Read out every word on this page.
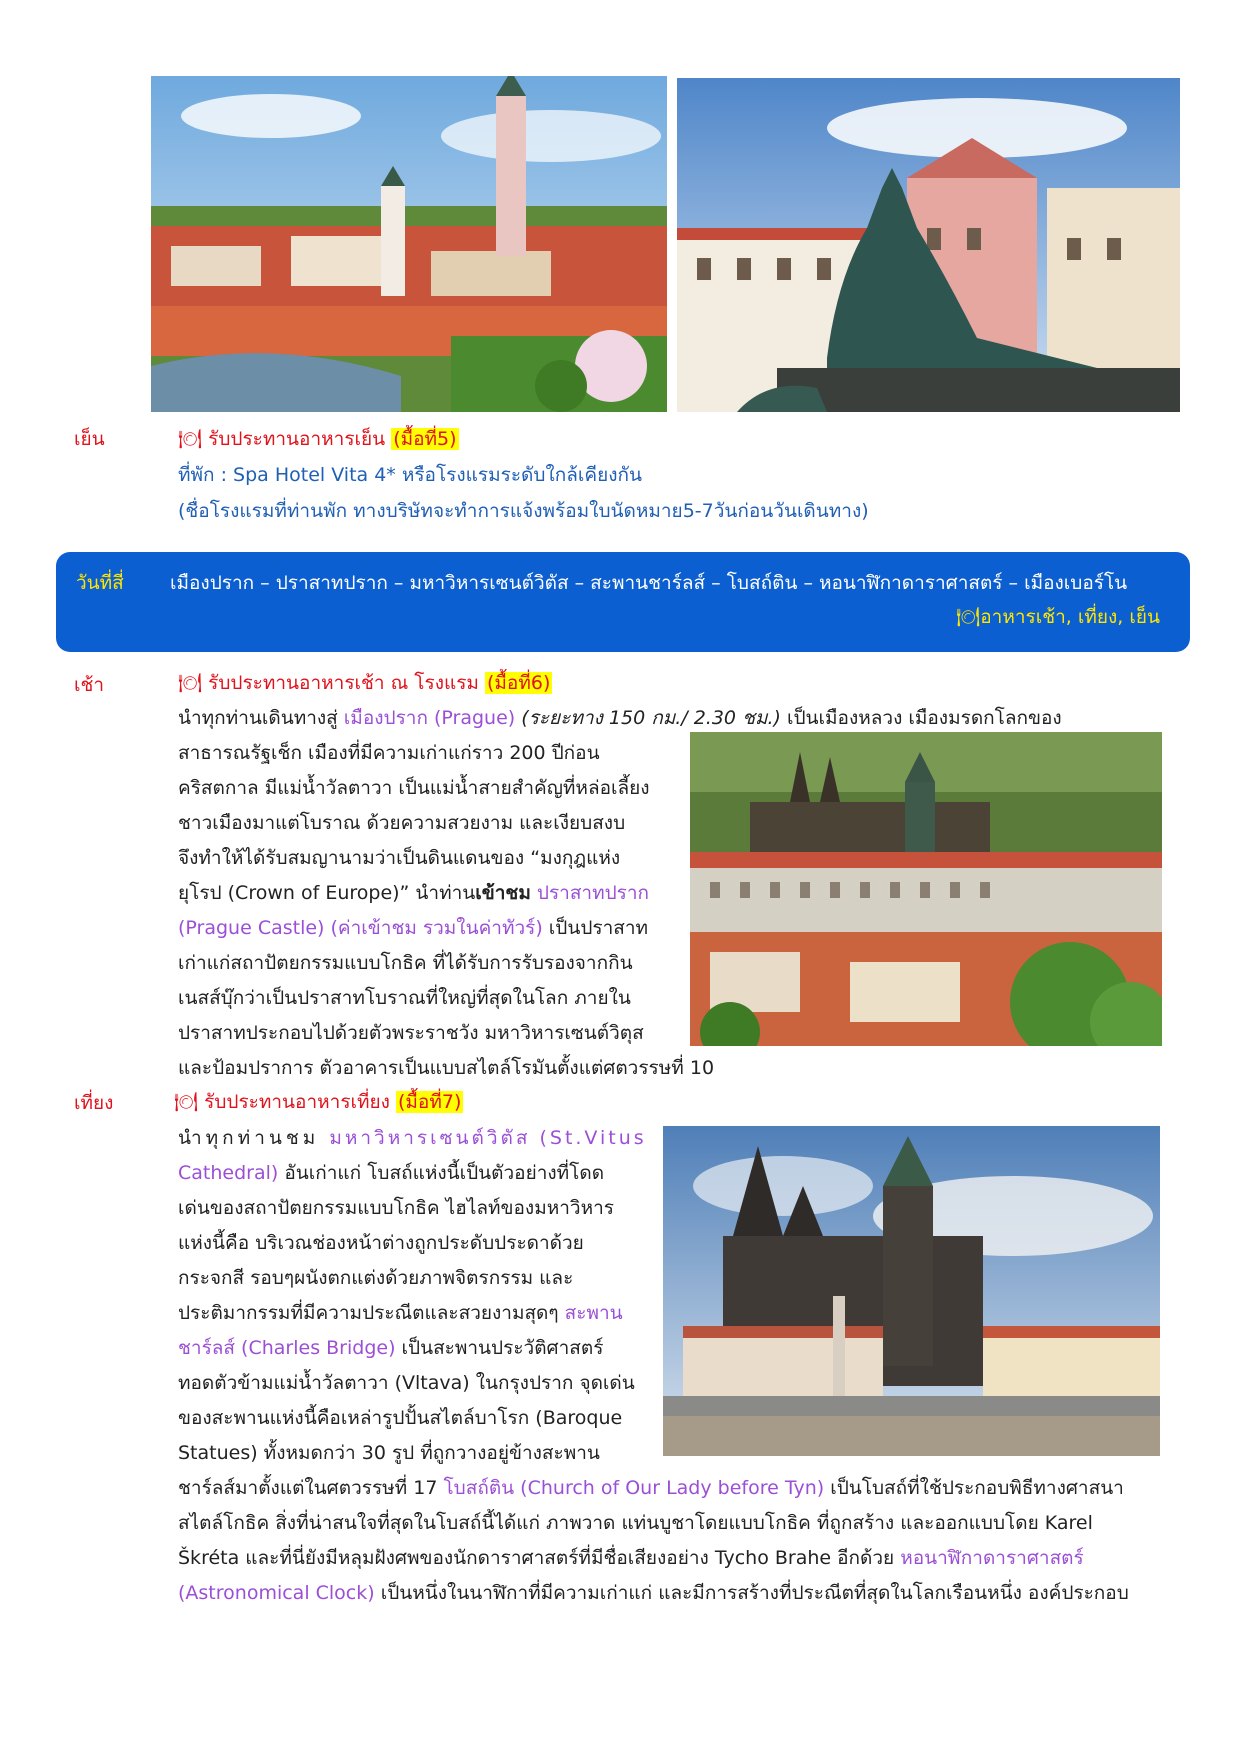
เย็น	🍽 รับประทานอาหารเย็น (มื้อที่5)
ที่พัก : Spa Hotel Vita 4* หรือโรงแรมระดับใกล้เคียงกัน
(ชื่อโรงแรมที่ท่านพัก ทางบริษัทจะทำการแจ้งพร้อมใบนัดหมาย5-7วันก่อนวันเดินทาง)
วันที่สี่ เมืองปราก – ปราสาทปราก – มหาวิหารเซนต์วิตัส – สะพานชาร์ลส์ – โบสถ์ติน – หอนาฬิกาดาราศาสตร์ – เมืองเบอร์โน
🍽อาหารเช้า, เที่ยง, เย็น
เช้า	🍽 รับประทานอาหารเช้า ณ โรงแรม (มื้อที่6)
นำทุกท่านเดินทางสู่ เมืองปราก (Prague) (ระยะทาง 150 กม./ 2.30 ชม.) เป็นเมืองหลวง เมืองมรดกโลกของ
สาธารณรัฐเช็ก เมืองที่มีความเก่าแก่ราว 200 ปีก่อน
คริสตกาล มีแม่น้ำวัลตาวา เป็นแม่น้ำสายสำคัญที่หล่อเลี้ยง
ชาวเมืองมาแต่โบราณ ด้วยความสวยงาม และเงียบสงบ
จึงทำให้ได้รับสมญานามว่าเป็นดินแดนของ “มงกุฎแห่ง
ยุโรป (Crown of Europe)” นำท่านเข้าชม ปราสาทปราก
(Prague Castle) (ค่าเข้าชม รวมในค่าทัวร์) เป็นปราสาท
เก่าแก่สถาปัตยกรรมแบบโกธิค ที่ได้รับการรับรองจากกิน
เนสส์บุ๊กว่าเป็นปราสาทโบราณที่ใหญ่ที่สุดในโลก ภายใน
ปราสาทประกอบไปด้วยตัวพระราชวัง มหาวิหารเซนต์วิตุส
และป้อมปราการ ตัวอาคารเป็นแบบสไตล์โรมันตั้งแต่ศตวรรษที่ 10
เที่ยง	🍽 รับประทานอาหารเที่ยง (มื้อที่7)
นำทุกท่านชม มหาวิหารเซนต์วิตัส (St.Vitus
Cathedral) อันเก่าแก่ โบสถ์แห่งนี้เป็นตัวอย่างที่โดด
เด่นของสถาปัตยกรรมแบบโกธิค ไฮไลท์ของมหาวิหาร
แห่งนี้คือ บริเวณช่องหน้าต่างถูกประดับประดาด้วย
กระจกสี รอบๆผนังตกแต่งด้วยภาพจิตรกรรม และ
ประติมากรรมที่มีความประณีตและสวยงามสุดๆ สะพาน
ชาร์ลส์ (Charles Bridge) เป็นสะพานประวัติศาสตร์
ทอดตัวข้ามแม่น้ำวัลตาวา (Vltava) ในกรุงปราก จุดเด่น
ของสะพานแห่งนี้คือเหล่ารูปปั้นสไตล์บาโรก (Baroque
Statues) ทั้งหมดกว่า 30 รูป ที่ถูกวางอยู่ข้างสะพาน
ชาร์ลส์มาตั้งแต่ในศตวรรษที่ 17 โบสถ์ติน (Church of Our Lady before Tyn) เป็นโบสถ์ที่ใช้ประกอบพิธีทางศาสนา
สไตล์โกธิค สิ่งที่น่าสนใจที่สุดในโบสถ์นี้ได้แก่ ภาพวาด แท่นบูชาโดยแบบโกธิค ที่ถูกสร้าง และออกแบบโดย Karel
Škréta และที่นี่ยังมีหลุมฝังศพของนักดาราศาสตร์ที่มีชื่อเสียงอย่าง Tycho Brahe อีกด้วย หอนาฬิกาดาราศาสตร์
(Astronomical Clock) เป็นหนึ่งในนาฬิกาที่มีความเก่าแก่ และมีการสร้างที่ประณีตที่สุดในโลกเรือนหนึ่ง องค์ประกอบ
